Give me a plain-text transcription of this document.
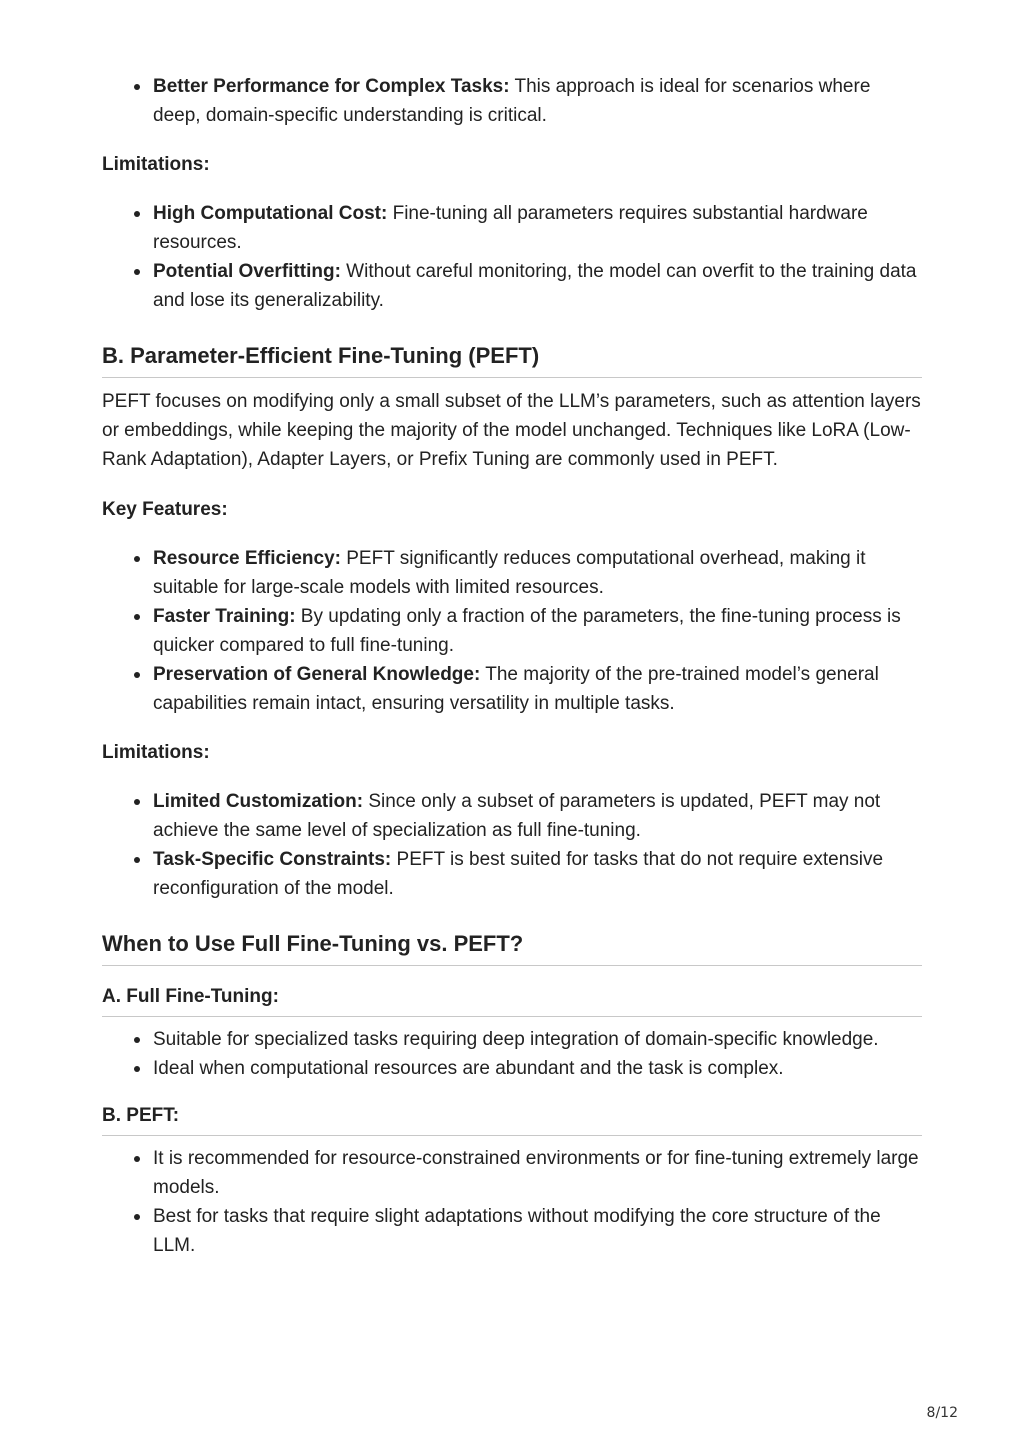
Better Performance for Complex Tasks: This approach is ideal for scenarios where deep, domain-specific understanding is critical.

Limitations:

High Computational Cost: Fine-tuning all parameters requires substantial hardware resources.
Potential Overfitting: Without careful monitoring, the model can overfit to the training data and lose its generalizability.
B. Parameter-Efficient Fine-Tuning (PEFT)

PEFT focuses on modifying only a small subset of the LLM’s parameters, such as attention layers or embeddings, while keeping the majority of the model unchanged. Techniques like LoRA (Low-Rank Adaptation), Adapter Layers, or Prefix Tuning are commonly used in PEFT.

Key Features:

Resource Efficiency: PEFT significantly reduces computational overhead, making it suitable for large-scale models with limited resources.
Faster Training: By updating only a fraction of the parameters, the fine-tuning process is quicker compared to full fine-tuning.
Preservation of General Knowledge: The majority of the pre-trained model’s general capabilities remain intact, ensuring versatility in multiple tasks.

Limitations:

Limited Customization: Since only a subset of parameters is updated, PEFT may not achieve the same level of specialization as full fine-tuning.
Task-Specific Constraints: PEFT is best suited for tasks that do not require extensive reconfiguration of the model.
When to Use Full Fine-Tuning vs. PEFT?
A. Full Fine-Tuning:
Suitable for specialized tasks requiring deep integration of domain-specific knowledge.
Ideal when computational resources are abundant and the task is complex.
B. PEFT:
It is recommended for resource-constrained environments or for fine-tuning extremely large models.
Best for tasks that require slight adaptations without modifying the core structure of the LLM.
8/12
